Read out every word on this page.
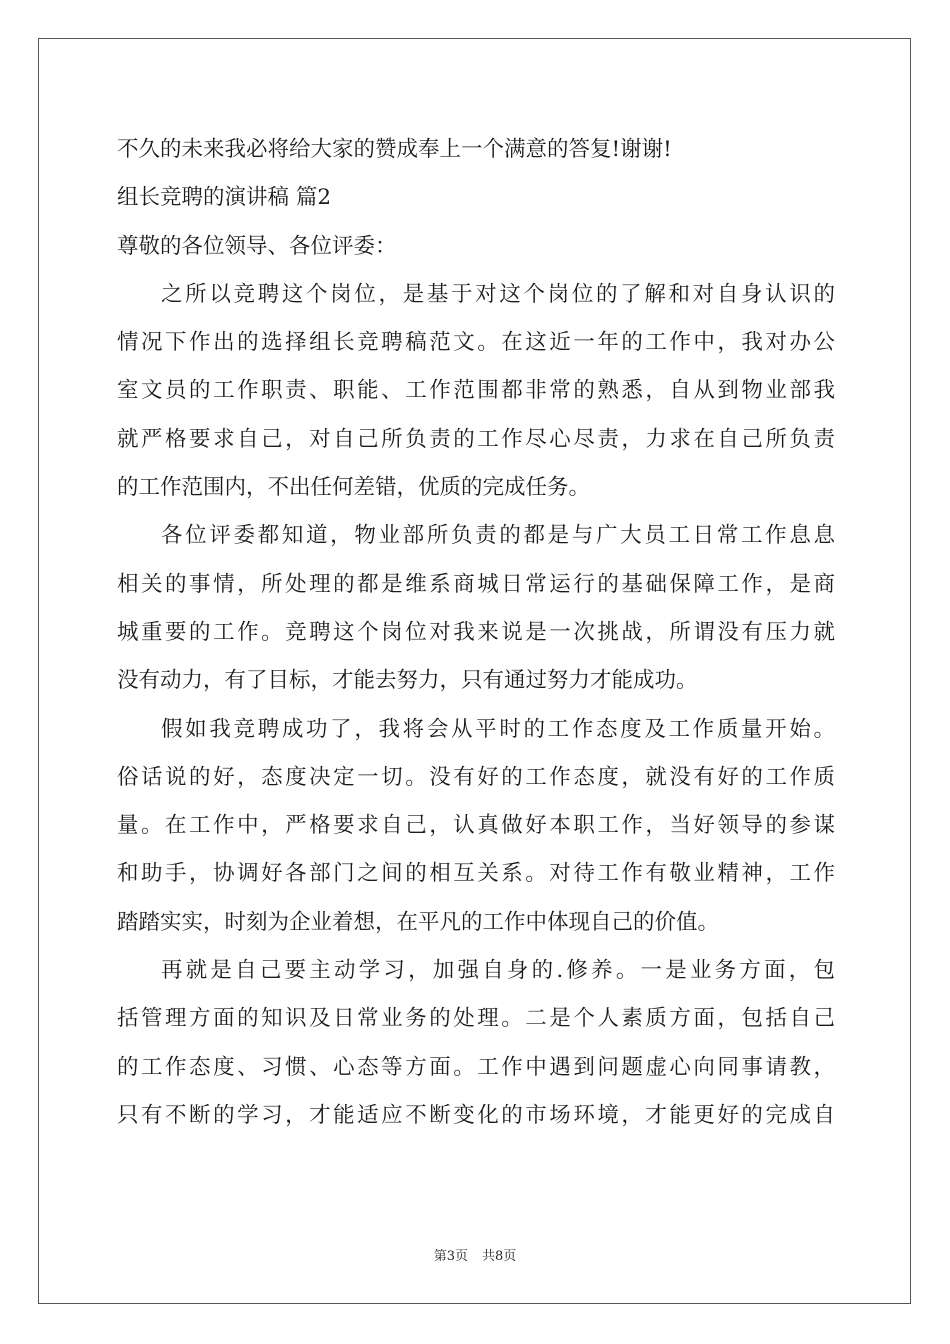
不久的未来我必将给大家的赞成奉上一个满意的答复!谢谢!
组长竞聘的演讲稿 篇2
尊敬的各位领导、各位评委：
之所以竞聘这个岗位，是基于对这个岗位的了解和对自身认识的
情况下作出的选择组长竞聘稿范文。在这近一年的工作中，我对办公
室文员的工作职责、职能、工作范围都非常的熟悉，自从到物业部我
就严格要求自己，对自己所负责的工作尽心尽责，力求在自己所负责
的工作范围内，不出任何差错，优质的完成任务。
各位评委都知道，物业部所负责的都是与广大员工日常工作息息
相关的事情，所处理的都是维系商城日常运行的基础保障工作，是商
城重要的工作。竞聘这个岗位对我来说是一次挑战，所谓没有压力就
没有动力，有了目标，才能去努力，只有通过努力才能成功。
假如我竞聘成功了，我将会从平时的工作态度及工作质量开始。
俗话说的好，态度决定一切。没有好的工作态度，就没有好的工作质
量。在工作中，严格要求自己，认真做好本职工作，当好领导的参谋
和助手，协调好各部门之间的相互关系。对待工作有敬业精神，工作
踏踏实实，时刻为企业着想，在平凡的工作中体现自己的价值。
再就是自己要主动学习，加强自身的.修养。一是业务方面，包
括管理方面的知识及日常业务的处理。二是个人素质方面，包括自己
的工作态度、习惯、心态等方面。工作中遇到问题虚心向同事请教，
只有不断的学习，才能适应不断变化的市场环境，才能更好的完成自
第3页 共8页
